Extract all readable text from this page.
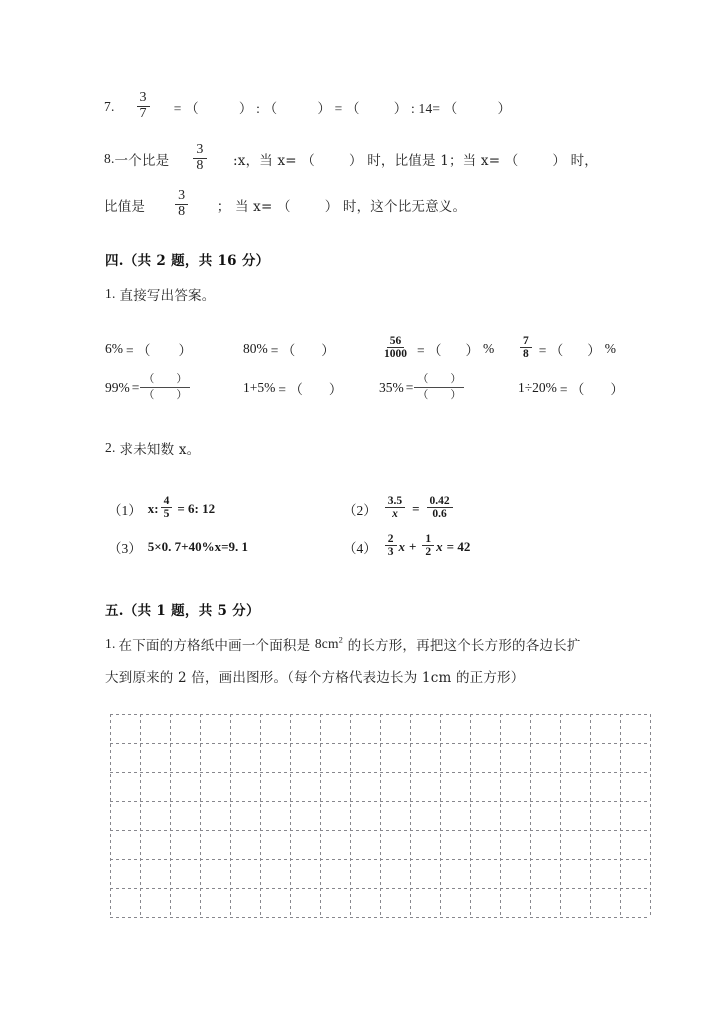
7. $\frac{3}{7}$ = （	） : （	） = （	） : 14= （	）
8. 一个比是 $\frac{3}{8}$ :x，当 x= （	） 时，比值是 1；当 x= （	） 时，
比值是 $\frac{3}{8}$ ； 当 x= （	） 时，这个比无意义。
四.（共 2 题，共 16 分）
1. 直接写出答案。
6% = （ ）	80% = （ ）	$\frac{56}{1000}$ = （ ） % $\frac{7}{8}$ = （ ） %
$99\% = \frac{( )}{( )}$	1+5% = （ ）	$35\% = \frac{( )}{( )}$	1÷20% = （ ）
2. 求未知数 x。
（1） x: $\frac{4}{5} = 6$: 12	$(2) \frac{3.5}{x} = \frac{0.42}{0.6}$
（3） 5×0. 7+40%x=9. 1	$(4) \frac{2}{3}$ $x + \frac{1}{2}$ x = 42
五.（共 1 题，共 5 分）
1. 在下面的方格纸中画一个面积是 $8cm^2$ 的长方形，再把这个长方形的各边长扩
大到原来的 2 倍，画出图形。（每个方格代表边长为 1cm 的正方形）
